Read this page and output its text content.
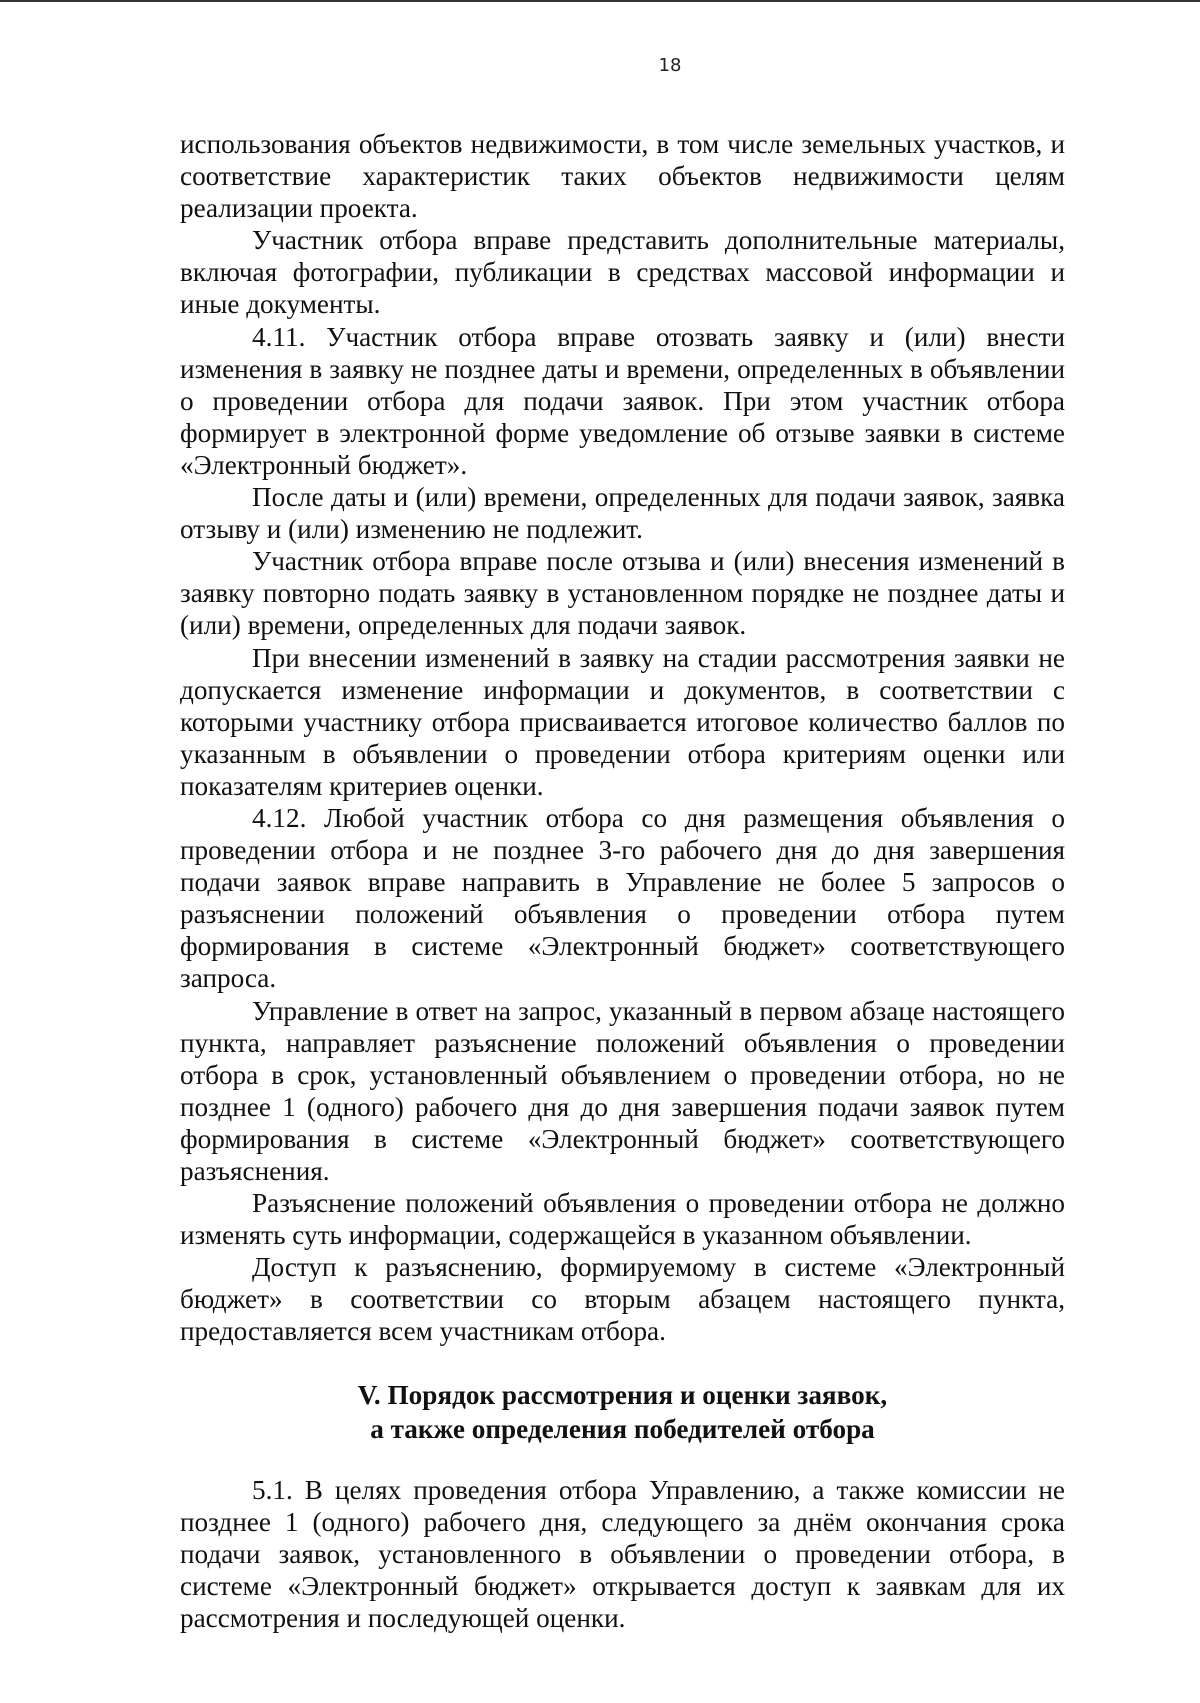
18

использования объектов недвижимости, в том числе земельных участков, и соответствие характеристик таких объектов недвижимости целям реализации проекта.

Участник отбора вправе представить дополнительные материалы, включая фотографии, публикации в средствах массовой информации и иные документы.

4.11. Участник отбора вправе отозвать заявку и (или) внести изменения в заявку не позднее даты и времени, определенных в объявлении о проведении отбора для подачи заявок. При этом участник отбора формирует в электронной форме уведомление об отзыве заявки в системе «Электронный бюджет».

После даты и (или) времени, определенных для подачи заявок, заявка отзыву и (или) изменению не подлежит.

Участник отбора вправе после отзыва и (или) внесения изменений в заявку повторно подать заявку в установленном порядке не позднее даты и (или) времени, определенных для подачи заявок.

При внесении изменений в заявку на стадии рассмотрения заявки не допускается изменение информации и документов, в соответствии с которыми участнику отбора присваивается итоговое количество баллов по указанным в объявлении о проведении отбора критериям оценки или показателям критериев оценки.

4.12. Любой участник отбора со дня размещения объявления о проведении отбора и не позднее 3-го рабочего дня до дня завершения подачи заявок вправе направить в Управление не более 5 запросов о разъяснении положений объявления о проведении отбора путем формирования в системе «Электронный бюджет» соответствующего запроса.

Управление в ответ на запрос, указанный в первом абзаце настоящего пункта, направляет разъяснение положений объявления о проведении отбора в срок, установленный объявлением о проведении отбора, но не позднее 1 (одного) рабочего дня до дня завершения подачи заявок путем формирования в системе «Электронный бюджет» соответствующего разъяснения.

Разъяснение положений объявления о проведении отбора не должно изменять суть информации, содержащейся в указанном объявлении.

Доступ к разъяснению, формируемому в системе «Электронный бюджет» в соответствии со вторым абзацем настоящего пункта, предоставляется всем участникам отбора.

V. Порядок рассмотрения и оценки заявок,
а также определения победителей отбора

5.1. В целях проведения отбора Управлению, а также комиссии не позднее 1 (одного) рабочего дня, следующего за днём окончания срока подачи заявок, установленного в объявлении о проведении отбора, в системе «Электронный бюджет» открывается доступ к заявкам для их рассмотрения и последующей оценки.
